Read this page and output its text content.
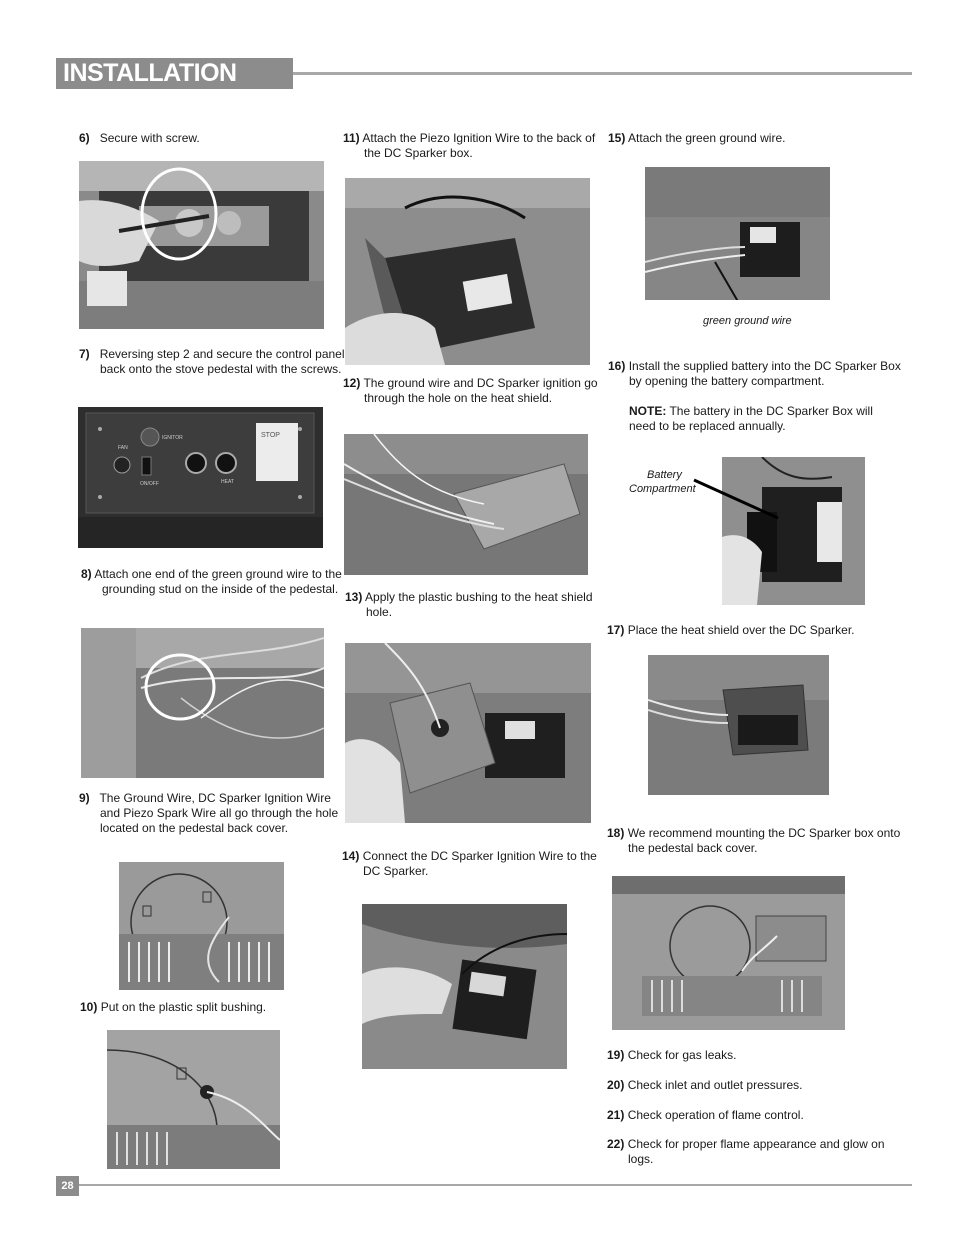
INSTALLATION
6) Secure with screw.
7) Reversing step 2 and secure the control panel back onto the stove pedestal with the screws.
FAN
IGNITOR
ON/OFF	HEAT
STOP
8) Attach one end of the green ground wire to the grounding stud on the inside of the pedestal.
9) The Ground Wire, DC Sparker Ignition Wire and Piezo Spark Wire all go through the hole located on the pedestal back cover.
10) Put on the plastic split bushing.
11) Attach the Piezo Ignition Wire to the back of the DC Sparker box.
12) The ground wire and DC Sparker ignition go through the hole on the heat shield.
13) Apply the plastic bushing to the heat shield hole.
14) Connect the DC Sparker Ignition Wire to the DC Sparker.
15) Attach the green ground wire.
green ground wire
16) Install the supplied battery into the DC Sparker Box by opening the battery compartment.
NOTE: The battery in the DC Sparker Box will need to be replaced annually.
Battery
Compartment
17) Place the heat shield over the DC Sparker.
18) We recommend mounting the DC Sparker box onto the pedestal back cover.
19) Check for gas leaks.
20) Check inlet and outlet pressures.
21) Check operation of flame control.
22) Check for proper flame appearance and glow on logs.
28
